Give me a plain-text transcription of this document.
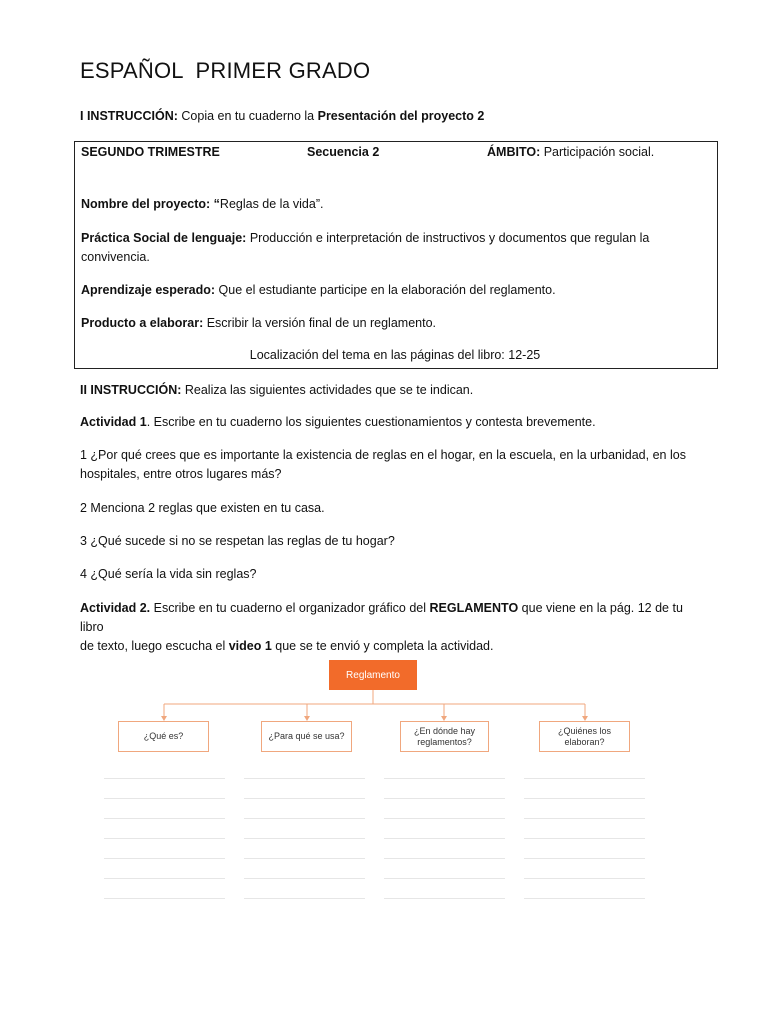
ESPAÑOL  PRIMER GRADO
I INSTRUCCIÓN: Copia en tu cuaderno la Presentación del proyecto 2
SEGUNDO TRIMESTRE	Secuencia 2	ÁMBITO: Participación social.
Nombre del proyecto: “Reglas de la vida”.
Práctica Social de lenguaje: Producción e interpretación de instructivos y documentos que regulan la
convivencia.
Aprendizaje esperado: Que el estudiante participe en la elaboración del reglamento.
Producto a elaborar: Escribir la versión final de un reglamento.
Localización del tema en las páginas del libro: 12-25
II INSTRUCCIÓN: Realiza las siguientes actividades que se te indican.
Actividad 1. Escribe en tu cuaderno los siguientes cuestionamientos y contesta brevemente.
1 ¿Por qué crees que es importante la existencia de reglas en el hogar, en la escuela, en la urbanidad, en los
hospitales, entre otros lugares más?
2 Menciona 2 reglas que existen en tu casa.
3 ¿Qué sucede si no se respetan las reglas de tu hogar?
4 ¿Qué sería la vida sin reglas?
Actividad 2. Escribe en tu cuaderno el organizador gráfico del REGLAMENTO que viene en la pág. 12 de tu libro
de texto, luego escucha el video 1 que se te envió y completa la actividad.
Reglamento
¿Qué es?	¿Para qué se usa?
¿En dónde hay
reglamentos?
¿Quiénes los
elaboran?
